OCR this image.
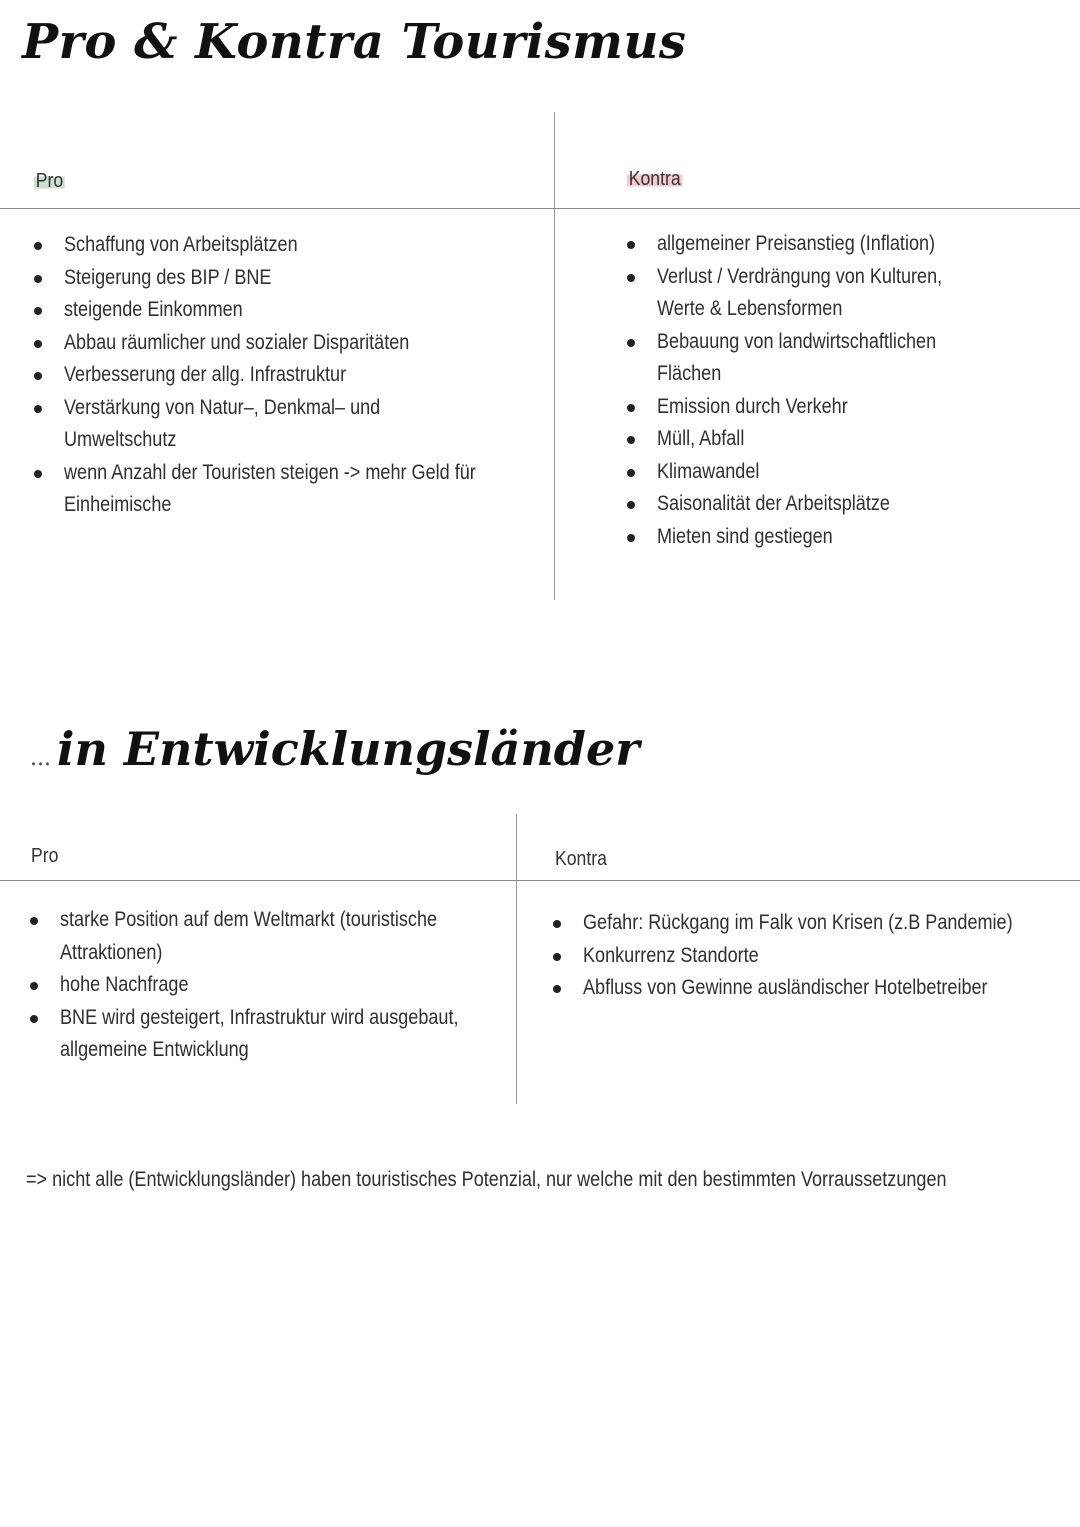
Pro & Kontra Tourismus
Pro	Kontra
Schaffung von Arbeitsplätzen
Steigerung des BIP / BNE
steigende Einkommen
Abbau räumlicher und sozialer Disparitäten
Verbesserung der allg. Infrastruktur
Verstärkung von Natur–, Denkmal– und
Umweltschutz
wenn Anzahl der Touristen steigen -> mehr Geld für
Einheimische
allgemeiner Preisanstieg (Inflation)
Verlust / Verdrängung von Kulturen,
Werte & Lebensformen
Bebauung von landwirtschaftlichen
Flächen
Emission durch Verkehr
Müll, Abfall
Klimawandel
Saisonalität der Arbeitsplätze
Mieten sind gestiegen
... in Entwicklungsländer
Pro	Kontra
starke Position auf dem Weltmarkt (touristische
Attraktionen)
hohe Nachfrage
BNE wird gesteigert, Infrastruktur wird ausgebaut,
allgemeine Entwicklung
Gefahr: Rückgang im Falk von Krisen (z.B Pandemie)
Konkurrenz Standorte
Abfluss von Gewinne ausländischer Hotelbetreiber
=> nicht alle (Entwicklungsländer) haben touristisches Potenzial, nur welche mit den bestimmten Vorraussetzungen
